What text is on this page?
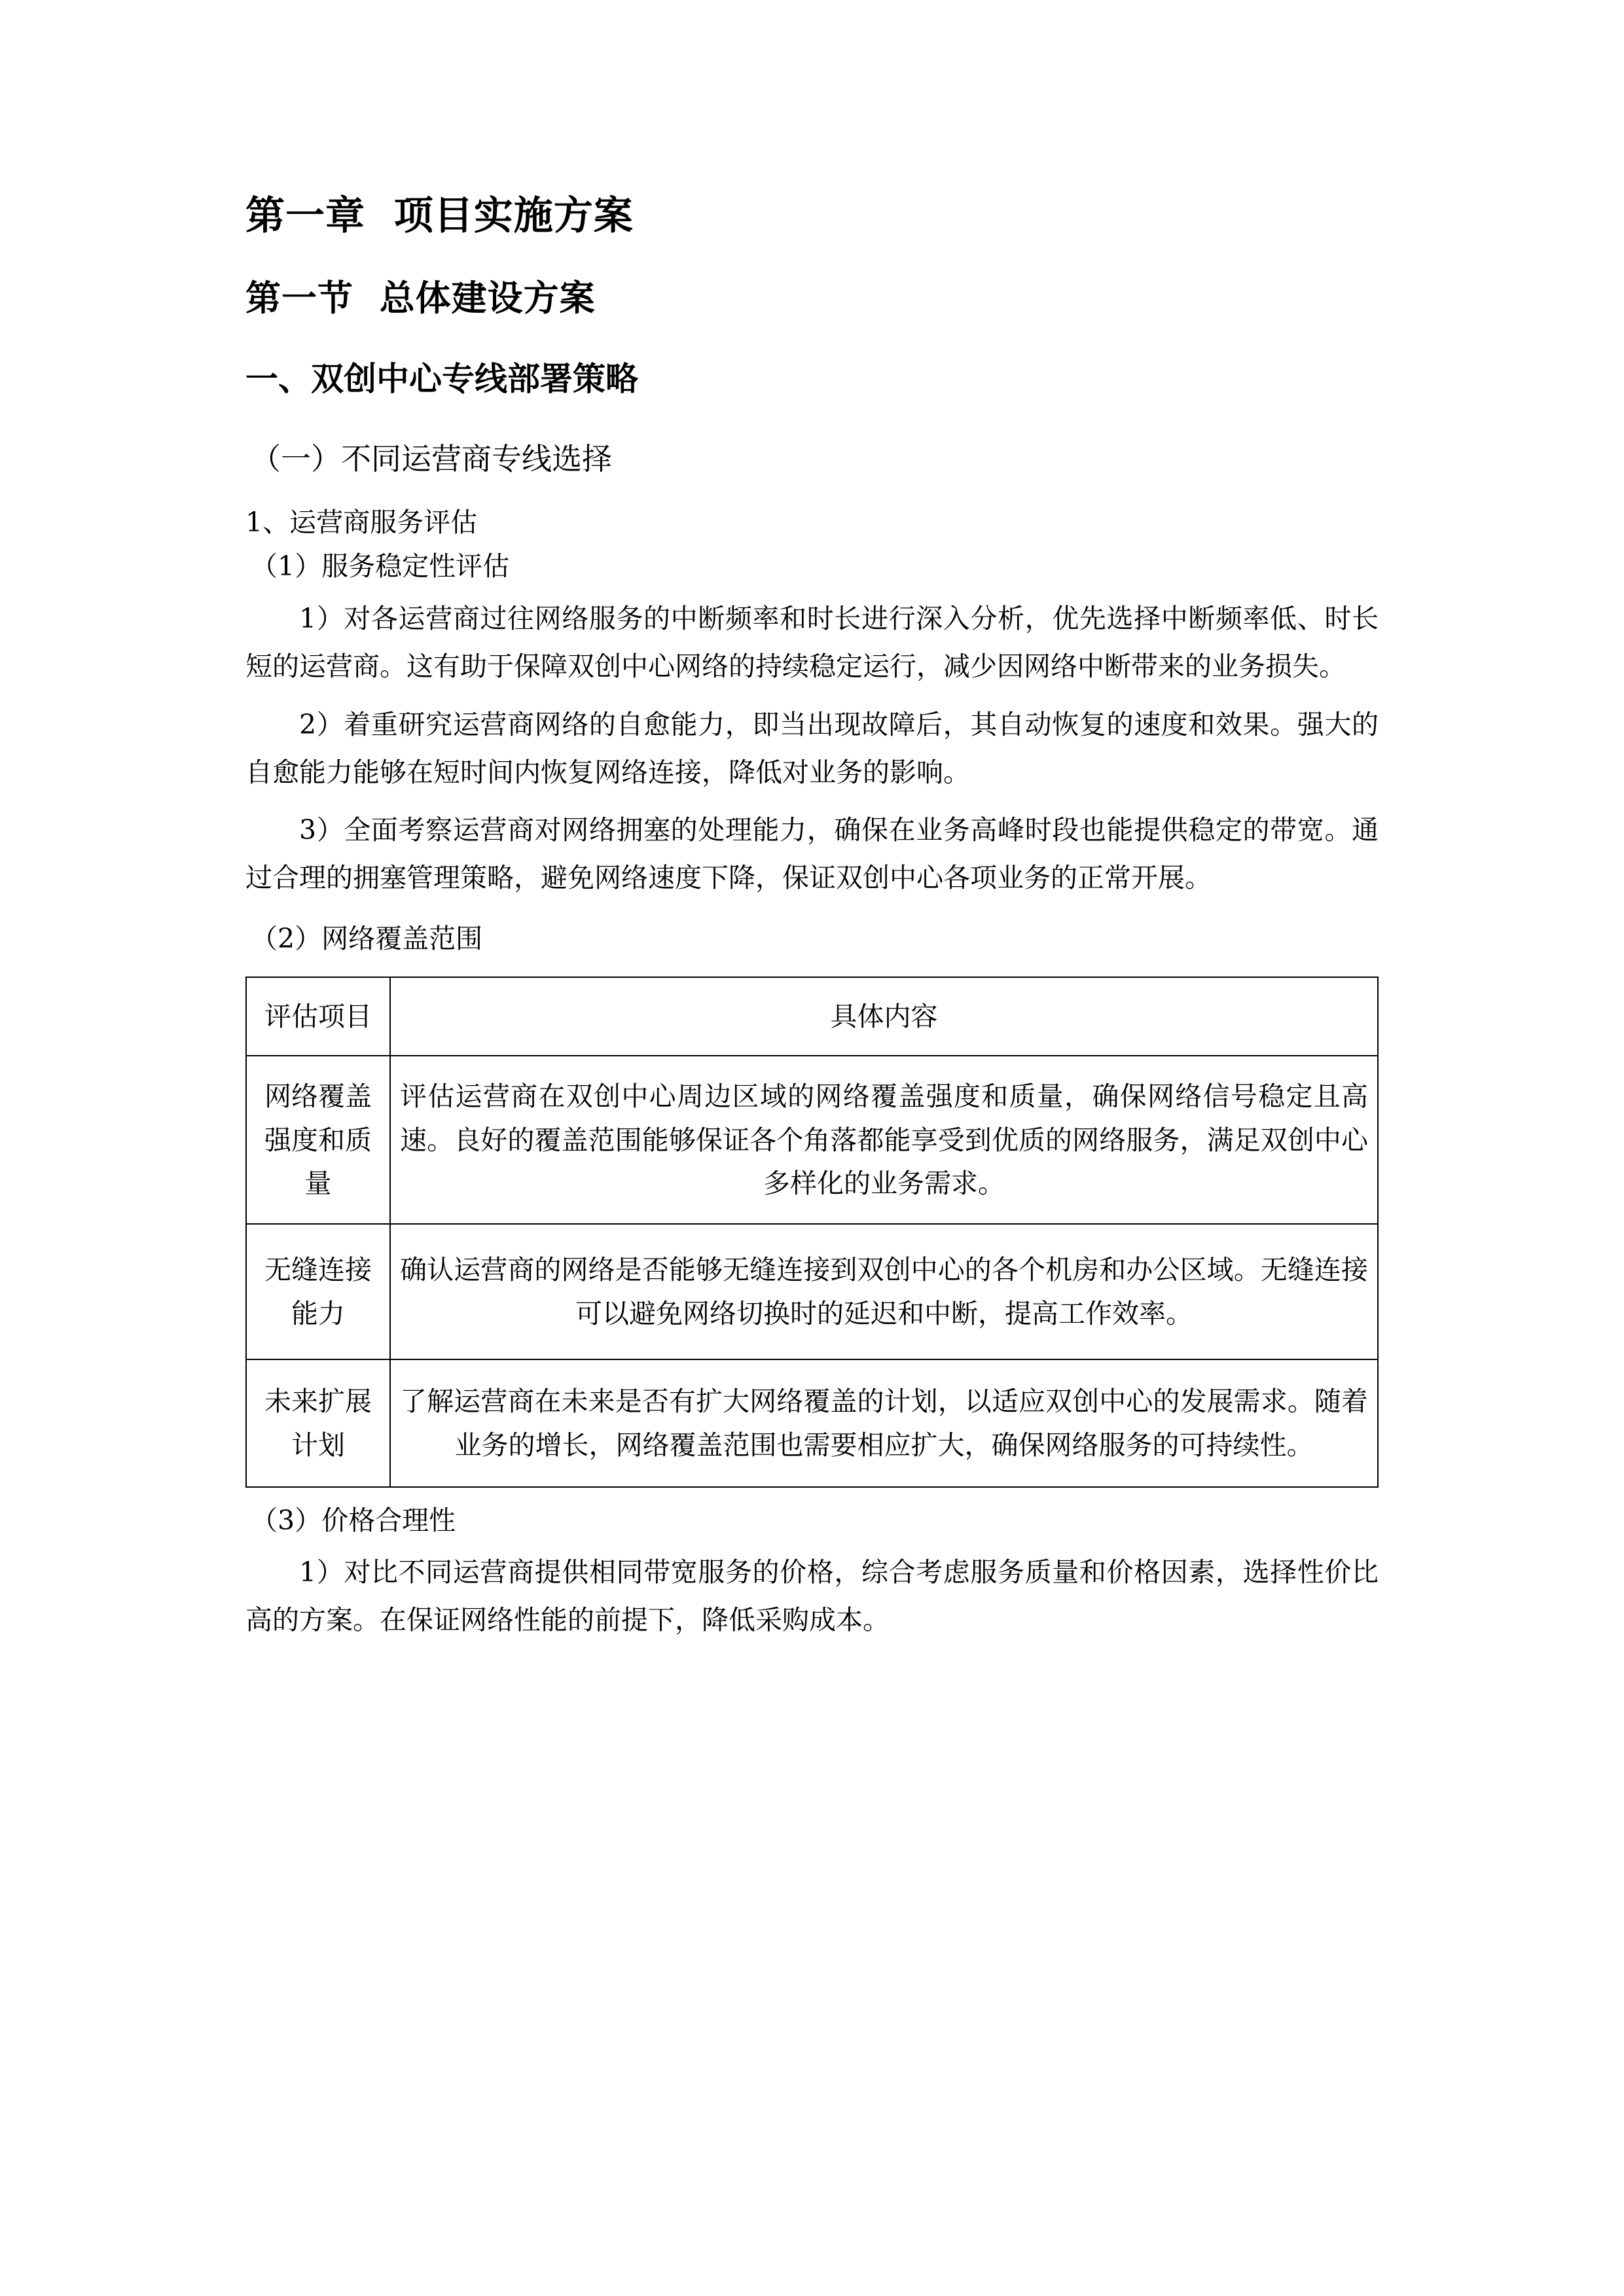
第一章  项目实施方案
第一节  总体建设方案
一、双创中心专线部署策略
（一）不同运营商专线选择

1、运营商服务评估

（1）服务稳定性评估

1）对各运营商过往网络服务的中断频率和时长进行深入分析，优先选择中断频率低、时长短的运营商。这有助于保障双创中心网络的持续稳定运行，减少因网络中断带来的业务损失。

2）着重研究运营商网络的自愈能力，即当出现故障后，其自动恢复的速度和效果。强大的自愈能力能够在短时间内恢复网络连接，降低对业务的影响。

3）全面考察运营商对网络拥塞的处理能力，确保在业务高峰时段也能提供稳定的带宽。通过合理的拥塞管理策略，避免网络速度下降，保证双创中心各项业务的正常开展。

（2）网络覆盖范围

评估项目	具体内容
网络覆盖强度和质量	评估运营商在双创中心周边区域的网络覆盖强度和质量，确保网络信号稳定且高速。良好的覆盖范围能够保证各个角落都能享受到优质的网络服务，满足双创中心多样化的业务需求。

无缝连接能力	确认运营商的网络是否能够无缝连接到双创中心的各个机房和办公区域。无缝连接可以避免网络切换时的延迟和中断，提高工作效率。

未来扩展计划	了解运营商在未来是否有扩大网络覆盖的计划，以适应双创中心的发展需求。随着业务的增长，网络覆盖范围也需要相应扩大，确保网络服务的可持续性。

（3）价格合理性

1）对比不同运营商提供相同带宽服务的价格，综合考虑服务质量和价格因素，选择性价比高的方案。在保证网络性能的前提下，降低采购成本。
